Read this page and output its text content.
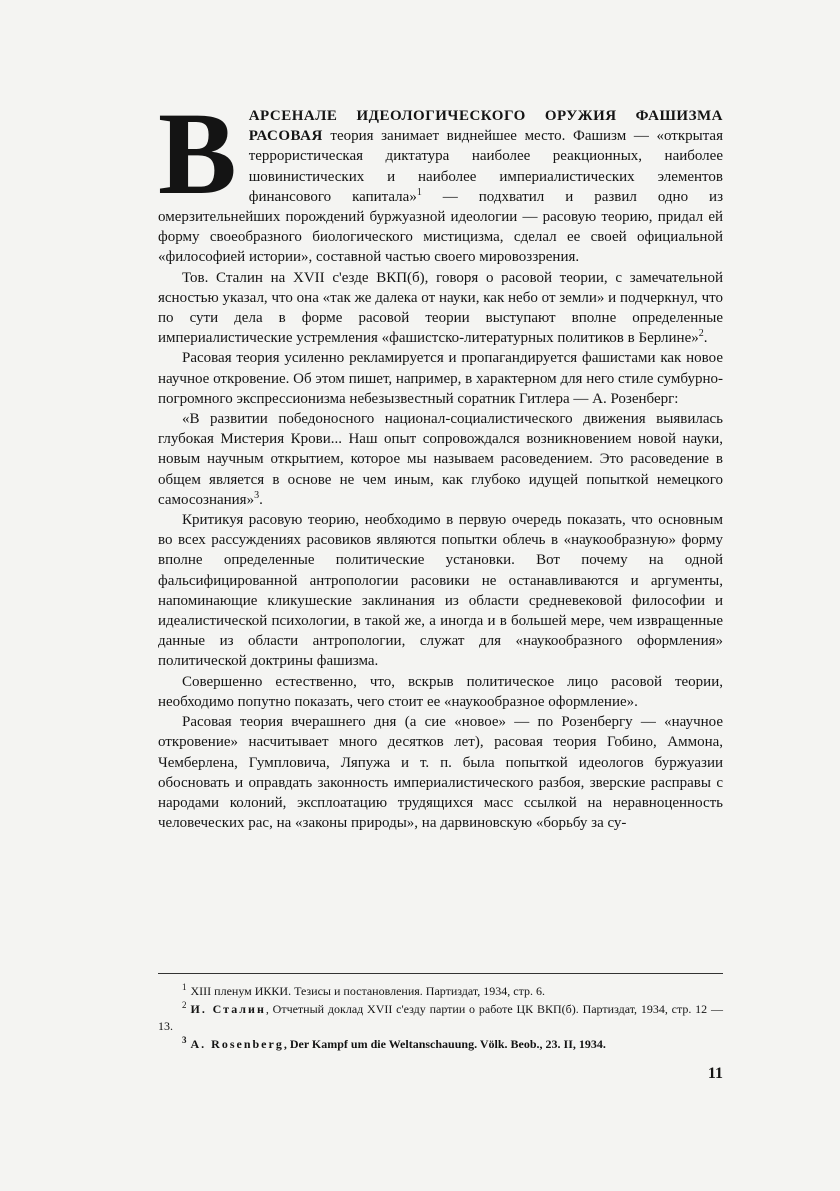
ВАРСЕНАЛЕ ИДЕОЛОГИЧЕСКОГО ОРУЖИЯ ФАШИЗМА РАСОВАЯ теория занимает виднейшее место. Фашизм — «открытая террористическая диктатура наиболее реакционных, наиболее шовинистических и наиболее империалистических элементов финансового капитала»$^1$ — подхватил и развил одно из омерзительнейших порождений буржуазной идеологии — расовую теорию, придал ей форму своеобразного биологического мистицизма, сделал ее своей официальной «философией истории», составной частью своего мировоззрения.

Тов. Сталин на XVII с'езде ВКП(б), говоря о расовой теории, с замечательной ясностью указал, что она «так же далека от науки, как небо от земли» и подчеркнул, что по сути дела в форме расовой теории выступают вполне определенные империалистические устремления «фашистско-литературных политиков в Берлине»$^2$.

Расовая теория усиленно рекламируется и пропагандируется фашистами как новое научное откровение. Об этом пишет, например, в характерном для него стиле сумбурно-погромного экспрессионизма небезызвестный соратник Гитлера — А. Розенберг:

«В развитии победоносного национал-социалистического движения выявилась глубокая Мистерия Крови... Наш опыт сопровождался возникновением новой науки, новым научным открытием, которое мы называем расоведением. Это расоведение в общем является в основе не чем иным, как глубоко идущей попыткой немецкого самосознания»$^3$.

Критикуя расовую теорию, необходимо в первую очередь показать, что основным во всех рассуждениях расовиков являются попытки облечь в «наукообразную» форму вполне определенные политические установки. Вот почему на одной фальсифицированной антропологии расовики не останавливаются и аргументы, напоминающие кликушеские заклинания из области средневековой философии и идеалистической психологии, в такой же, а иногда и в большей мере, чем извращенные данные из области антропологии, служат для «наукообразного оформления» политической доктрины фашизма.

Совершенно естественно, что, вскрыв политическое лицо расовой теории, необходимо попутно показать, чего стоит ее «наукообразное оформление».

Расовая теория вчерашнего дня (а сие «новое» — по Розенбергу — «научное откровение» насчитывает много десятков лет), расовая теория Гобино, Аммона, Чемберлена, Гумпловича, Ляпужа и т. п. была попыткой идеологов буржуазии обосновать и оправдать законность империалистического разбоя, зверские расправы с народами колоний, эксплоатацию трудящихся масс ссылкой на неравноценность человеческих рас, на «законы природы», на дарвиновскую «борьбу за су-

$^1$ XIII пленум ИККИ. Тезисы и постановления. Партиздат, 1934, стр. 6.

$^2$ И. Сталин, Отчетный доклад XVII с'езду партии о работе ЦК ВКП(б). Партиздат, 1934, стр. 12 — 13.

$^3$ A. Rosenberg, Der Kampf um die Weltanschauung. Völk. Beob., 23. II, 1934.

11
